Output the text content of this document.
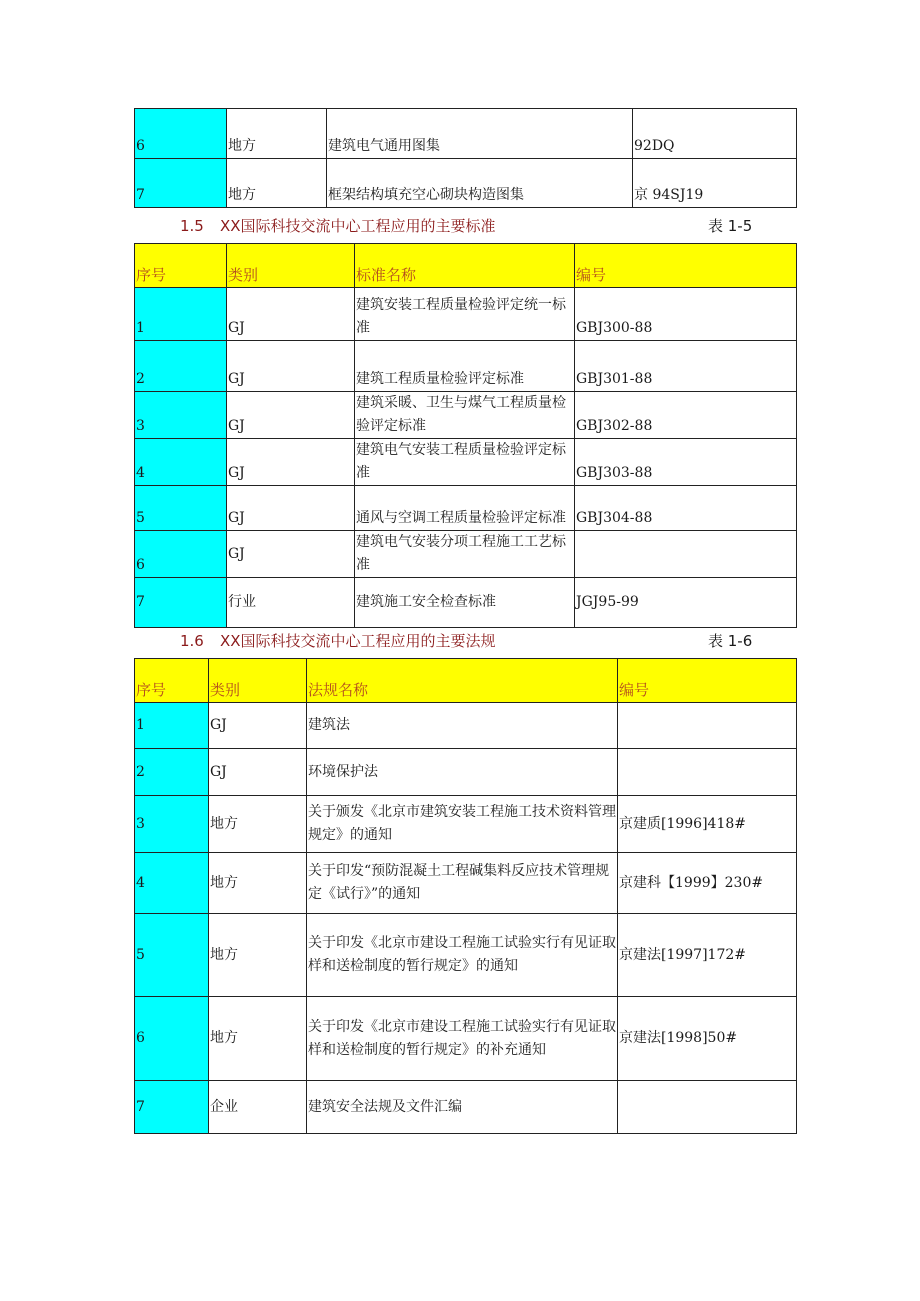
6	地方	建筑电气通用图集	92DQ
7	地方	框架结构填充空心砌块构造图集	京 94SJ19
1.5 XX国际科技交流中心工程应用的主要标准	表 1-5
序号	类别	标准名称	编号
1	GJ	建筑安装工程质量检验评定统一标准	GBJ300-88
2	GJ	建筑工程质量检验评定标准	GBJ301-88
3	GJ	建筑采暖、卫生与煤气工程质量检验评定标准	GBJ302-88
4	GJ	建筑电气安装工程质量检验评定标准	GBJ303-88
5	GJ	通风与空调工程质量检验评定标准	GBJ304-88
6	GJ	建筑电气安装分项工程施工工艺标准	
7	行业	建筑施工安全检查标准	JGJ95-99
1.6 XX国际科技交流中心工程应用的主要法规	表 1-6
序号	类别	法规名称	编号
1	GJ	建筑法	
2	GJ	环境保护法	
3	地方	关于颁发《北京市建筑安装工程施工技术资料管理规定》的通知	京建质[1996]418#
4	地方	关于印发“预防混凝土工程碱集料反应技术管理规定《试行》”的通知	京建科【1999】230#
5	地方	关于印发《北京市建设工程施工试验实行有见证取样和送检制度的暂行规定》的通知	京建法[1997]172#
6	地方	关于印发《北京市建设工程施工试验实行有见证取样和送检制度的暂行规定》的补充通知	京建法[1998]50#
7	企业	建筑安全法规及文件汇编	
